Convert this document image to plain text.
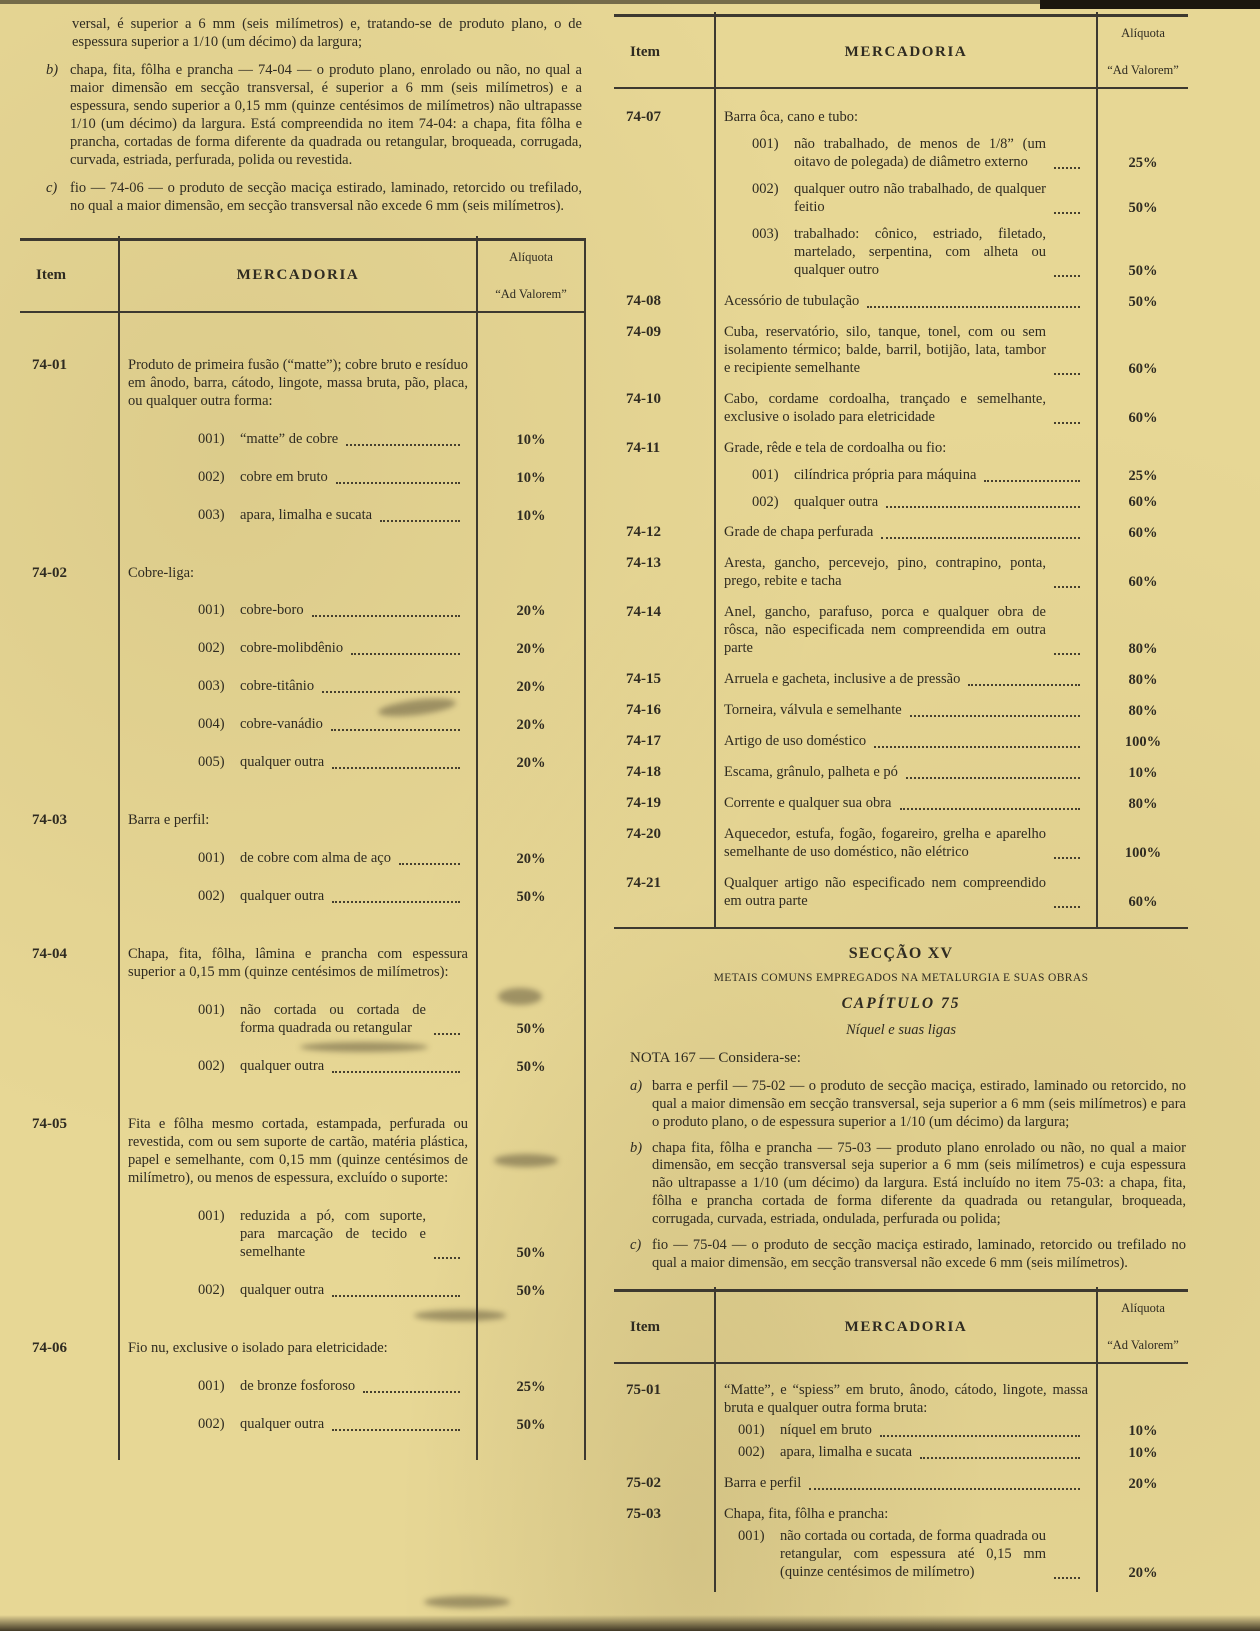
versal, é superior a 6 mm (seis milímetros) e, tratando-se de produto plano, o de espessura superior a 1/10 (um décimo) da largura;

b) chapa, fita, fôlha e prancha — 74-04 — o produto plano, enrolado ou não, no qual a maior dimensão em secção transversal, é superior a 6 mm (seis milímetros) e a espessura, sendo superior a 0,15 mm (quinze centésimos de milímetros) não ultrapasse 1/10 (um décimo) da largura. Está compreendida no item 74-04: a chapa, fita fôlha e prancha, cortadas de forma diferente da quadrada ou retangular, broqueada, corrugada, curvada, estriada, perfurada, polida ou revestida.
c) fio — 74-06 — o produto de secção maciça estirado, laminado, retorcido ou trefilado, no qual a maior dimensão, em secção transversal não excede 6 mm (seis milímetros).
Item	MERCADORIA
Alíquota
“Ad Valorem”
74-01	Produto de primeira fusão (“matte”); cobre bruto e resíduo em ânodo, barra, cátodo, lingote, massa bruta, pão, placa, ou qualquer outra forma:
001)	“matte” de cobre	10%
002)	cobre em bruto	10%
003)	apara, limalha e sucata	10%
74-02	Cobre-liga:
001)	cobre-boro	20%
002)	cobre-molibdênio	20%
003)	cobre-titânio	20%
004)	cobre-vanádio	20%
005)	qualquer outra	20%
74-03	Barra e perfil:
001)	de cobre com alma de aço	20%
002)	qualquer outra	50%
74-04	Chapa, fita, fôlha, lâmina e prancha com espessura superior a 0,15 mm (quinze centésimos de milímetros):
001)	não cortada ou cortada de forma quadrada ou retangular	50%
002)	qualquer outra	50%
74-05	Fita e fôlha mesmo cortada, estampada, perfurada ou revestida, com ou sem suporte de cartão, matéria plástica, papel e semelhante, com 0,15 mm (quinze centésimos de milímetro), ou menos de espessura, excluído o suporte:
001)	reduzida a pó, com suporte, para marcação de tecido e semelhante	50%
002)	qualquer outra	50%
74-06	Fio nu, exclusive o isolado para eletricidade:
001)	de bronze fosforoso	25%
002)	qualquer outra	50%
Item	MERCADORIA
Alíquota
“Ad Valorem”
74-07	Barra ôca, cano e tubo:
001)	não trabalhado, de menos de 1/8” (um oitavo de polegada) de diâmetro externo	25%
002)	qualquer outro não trabalhado, de qualquer feitio	50%
003)	trabalhado: cônico, estriado, filetado, martelado, serpentina, com alheta ou qualquer outro	50%
74-08	Acessório de tubulação	50%
74-09	Cuba, reservatório, silo, tanque, tonel, com ou sem isolamento térmico; balde, barril, botijão, lata, tambor e recipiente semelhante	60%
74-10	Cabo, cordame cordoalha, trançado e semelhante, exclusive o isolado para eletricidade	60%
74-11	Grade, rêde e tela de cordoalha ou fio:
001)	cilíndrica própria para máquina	25%
002)	qualquer outra	60%
74-12	Grade de chapa perfurada	60%
74-13	Aresta, gancho, percevejo, pino, contrapino, ponta, prego, rebite e tacha	60%
74-14	Anel, gancho, parafuso, porca e qualquer obra de rôsca, não especificada nem compreendida em outra parte	80%
74-15	Arruela e gacheta, inclusive a de pressão	80%
74-16	Torneira, válvula e semelhante	80%
74-17	Artigo de uso doméstico	100%
74-18	Escama, grânulo, palheta e pó	10%
74-19	Corrente e qualquer sua obra	80%
74-20	Aquecedor, estufa, fogão, fogareiro, grelha e aparelho semelhante de uso doméstico, não elétrico	100%
74-21	Qualquer artigo não especificado nem compreendido em outra parte	60%
SECÇÃO XV
METAIS COMUNS EMPREGADOS NA METALURGIA E SUAS OBRAS
CAPÍTULO 75
Níquel e suas ligas

NOTA 167 — Considera-se:

a) barra e perfil — 75-02 — o produto de secção maciça, estirado, laminado ou retorcido, no qual a maior dimensão em secção transversal, seja superior a 6 mm (seis milímetros) e para o produto plano, o de espessura superior a 1/10 (um décimo) da largura;
b) chapa fita, fôlha e prancha — 75-03 — produto plano enrolado ou não, no qual a maior dimensão, em secção transversal seja superior a 6 mm (seis milímetros) e cuja espessura não ultrapasse a 1/10 (um décimo) da largura. Está incluído no item 75-03: a chapa, fita, fôlha e prancha cortada de forma diferente da quadrada ou retangular, broqueada, corrugada, curvada, estriada, ondulada, perfurada ou polida;
c) fio — 75-04 — o produto de secção maciça estirado, laminado, retorcido ou trefilado no qual a maior dimensão, em secção transversal não excede 6 mm (seis milímetros).
Item	MERCADORIA
Alíquota
“Ad Valorem”
75-01	“Matte”, e “spiess” em bruto, ânodo, cátodo, lingote, massa bruta e qualquer outra forma bruta:
001)	níquel em bruto	10%
002)	apara, limalha e sucata	10%
75-02	Barra e perfil	20%
75-03	Chapa, fita, fôlha e prancha:
001)	não cortada ou cortada, de forma quadrada ou retangular, com espessura até 0,15 mm (quinze centésimos de milímetro)	20%
